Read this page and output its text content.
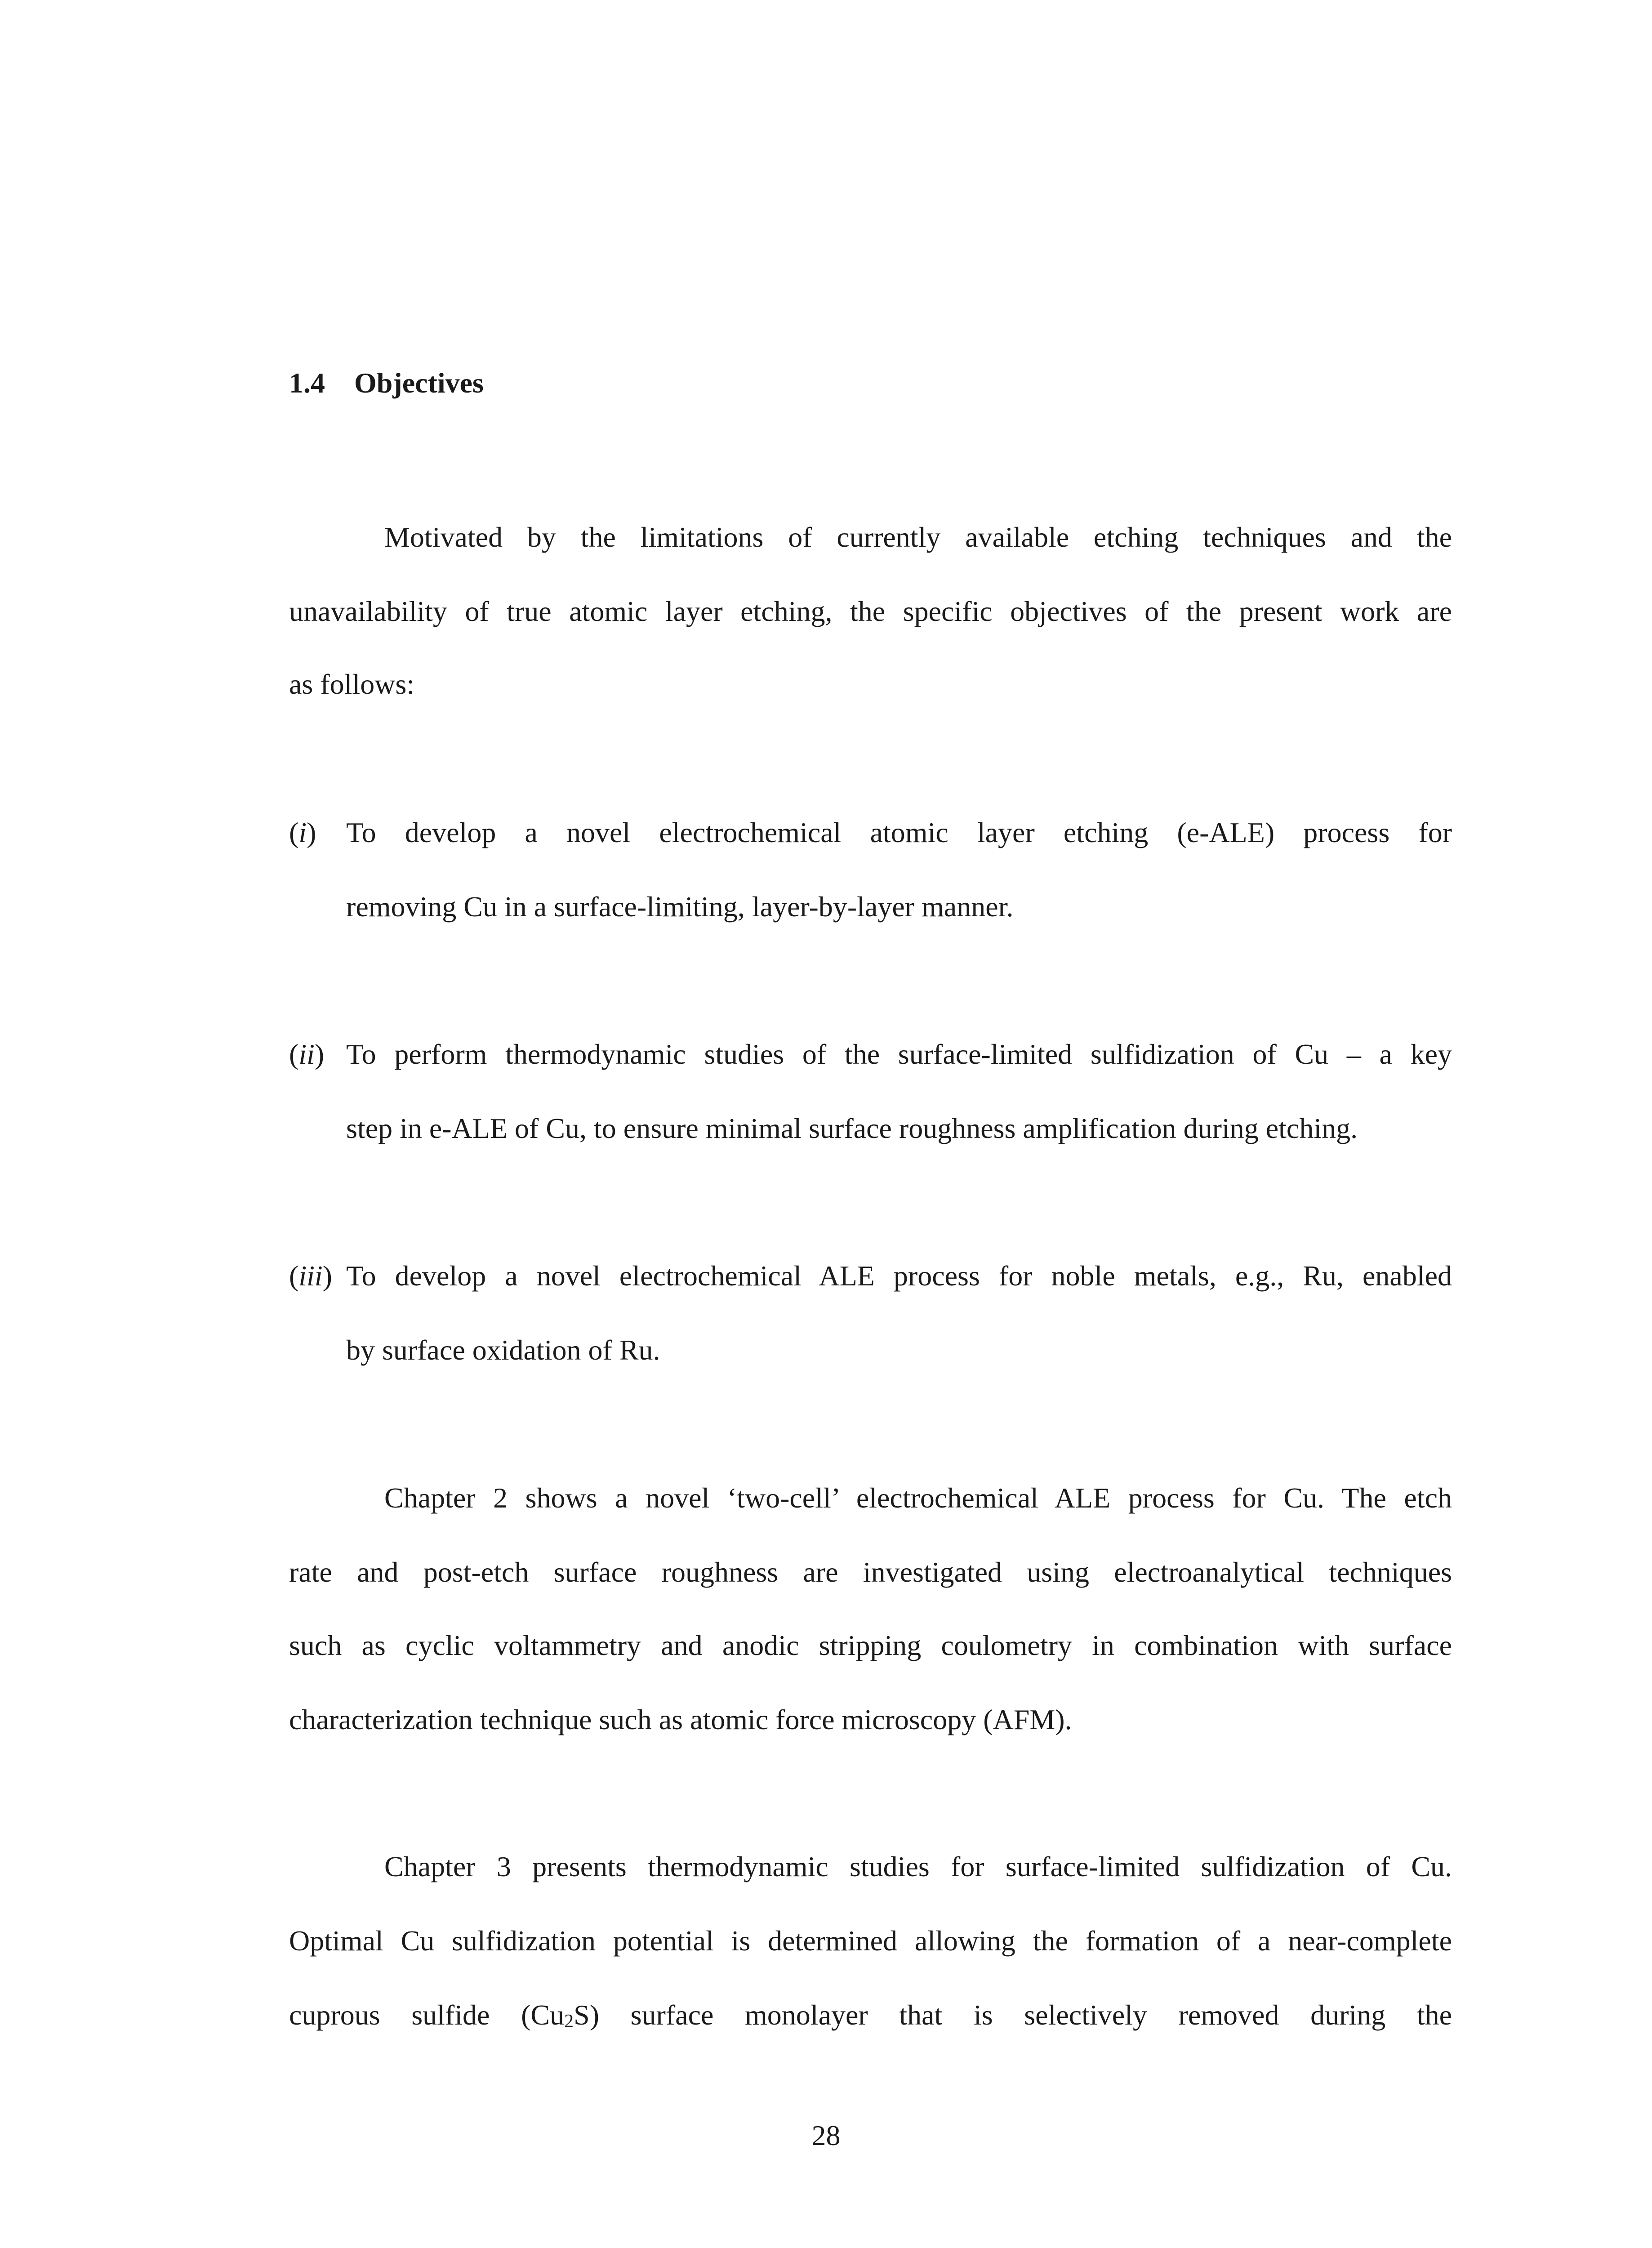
1.4 Objectives
Motivated by the limitations of currently available etching techniques and the
unavailability of true atomic layer etching, the specific objectives of the present work are
as follows:
(i) To develop a novel electrochemical atomic layer etching (e-ALE) process for
removing Cu in a surface-limiting, layer-by-layer manner.
(ii) To perform thermodynamic studies of the surface-limited sulfidization of Cu – a key
step in e-ALE of Cu, to ensure minimal surface roughness amplification during etching.
(iii) To develop a novel electrochemical ALE process for noble metals, e.g., Ru, enabled
by surface oxidation of Ru.
Chapter 2 shows a novel ‘two-cell’ electrochemical ALE process for Cu. The etch
rate and post-etch surface roughness are investigated using electroanalytical techniques
such as cyclic voltammetry and anodic stripping coulometry in combination with surface
characterization technique such as atomic force microscopy (AFM).
Chapter 3 presents thermodynamic studies for surface-limited sulfidization of Cu.
Optimal Cu sulfidization potential is determined allowing the formation of a near-complete
cuprous sulfide (Cu2S) surface monolayer that is selectively removed during the
28
